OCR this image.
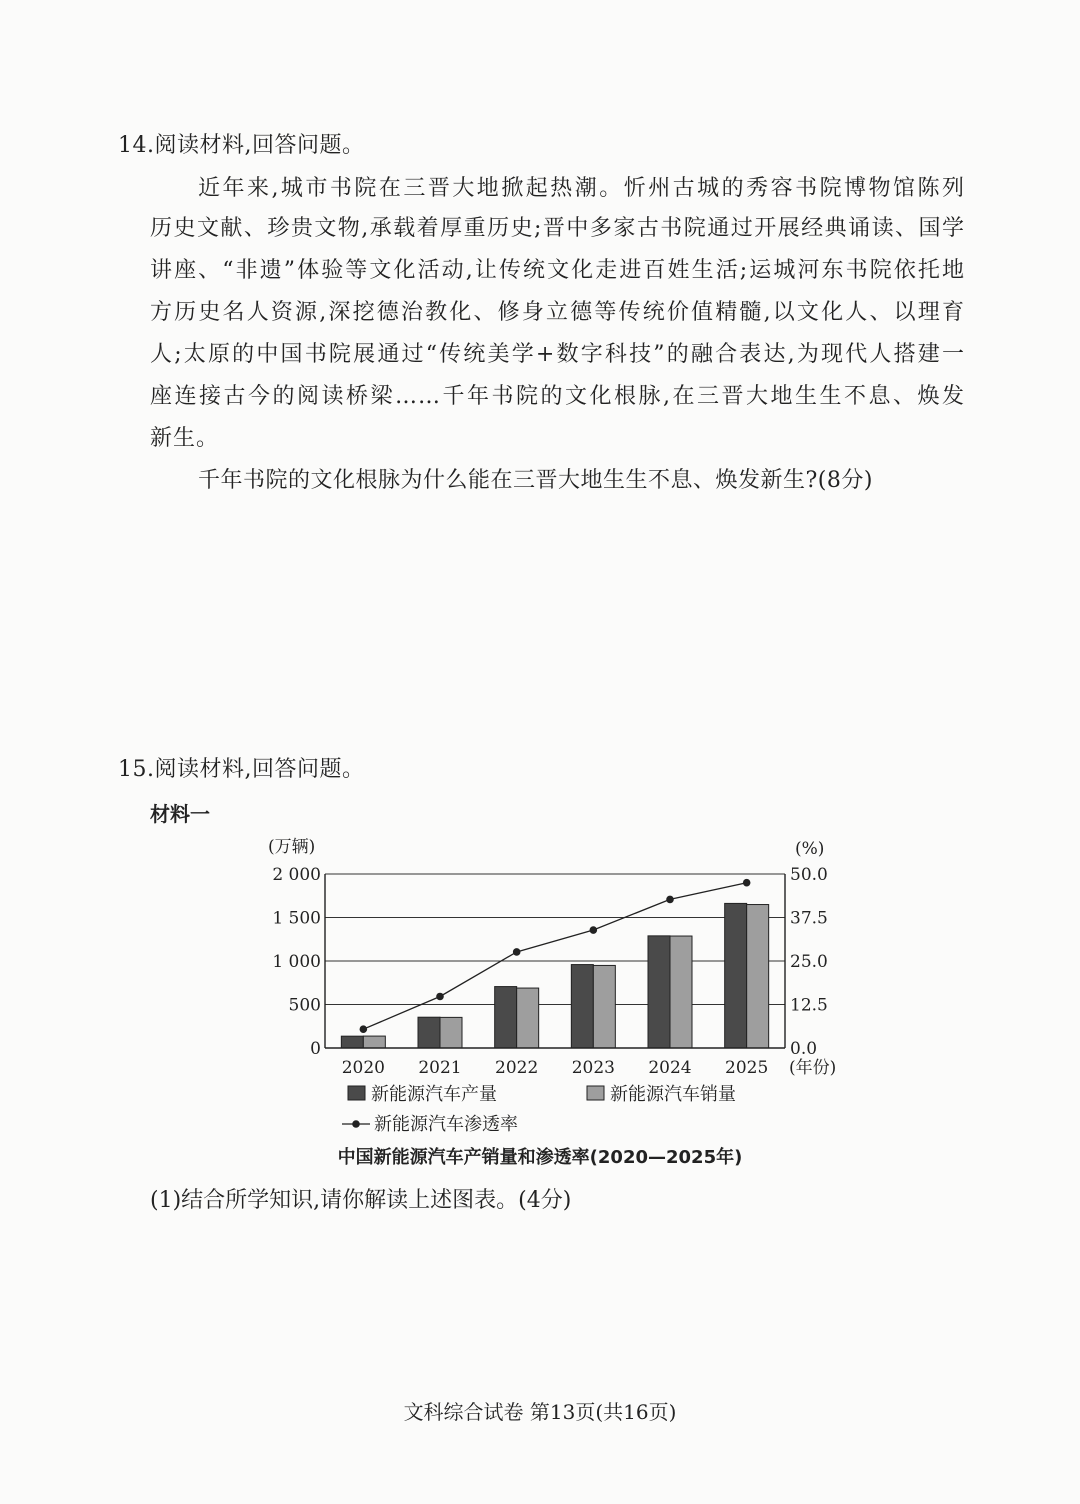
14.阅读材料,回答问题。
近年来,城市书院在三晋大地掀起热潮。忻州古城的秀容书院博物馆陈列
历史文献、珍贵文物,承载着厚重历史;晋中多家古书院通过开展经典诵读、国学
讲座、“非遗”体验等文化活动,让传统文化走进百姓生活;运城河东书院依托地
方历史名人资源,深挖德治教化、修身立德等传统价值精髓,以文化人、以理育
人;太原的中国书院展通过“传统美学+数字科技”的融合表达,为现代人搭建一
座连接古今的阅读桥梁……千年书院的文化根脉,在三晋大地生生不息、焕发
新生。
千年书院的文化根脉为什么能在三晋大地生生不息、焕发新生?(8分)
15.阅读材料,回答问题。
材料一
0
500
1 000
1 500
2 000
0.0
12.5
25.0
37.5
50.0
(万辆)	(%)
2020 2021 2022 2023 2024 2025 (年份)
新能源汽车产量	新能源汽车销量
新能源汽车渗透率
中国新能源汽车产销量和渗透率(2020—2025年)
(1)结合所学知识,请你解读上述图表。(4分)
文科综合试卷 第13页(共16页)
